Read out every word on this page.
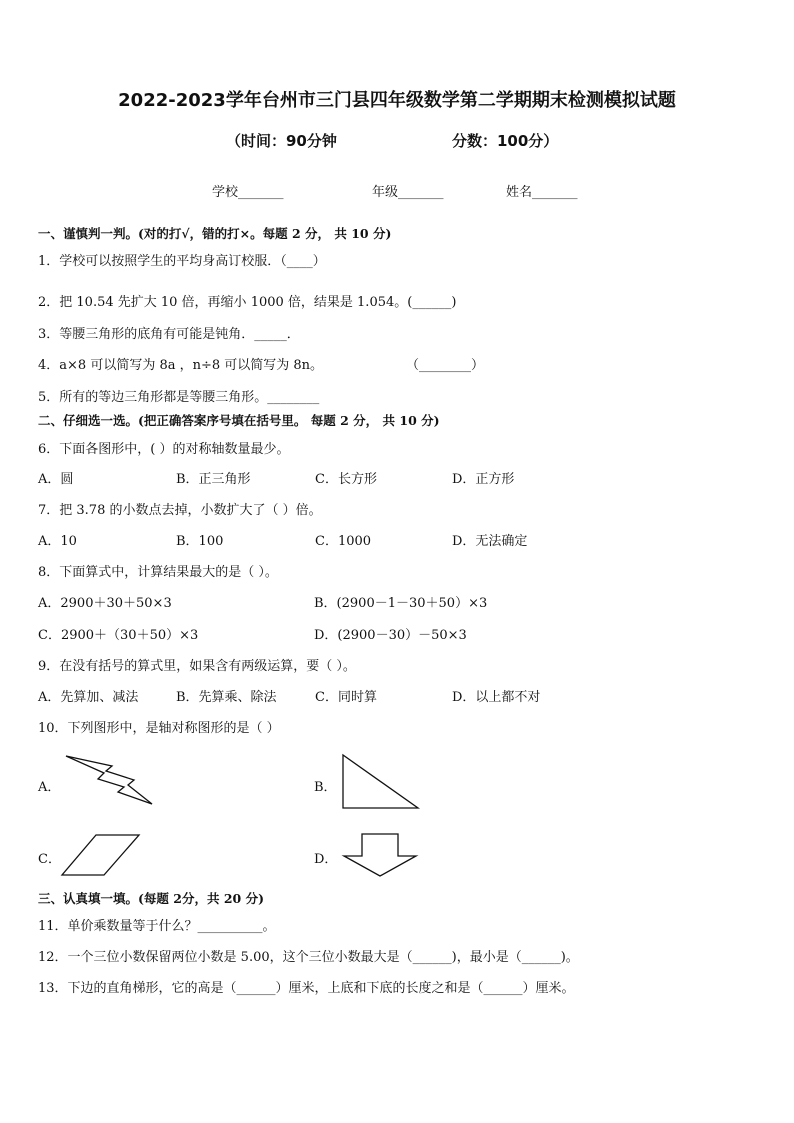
2022-2023学年台州市三门县四年级数学第二学期期末检测模拟试题
（时间：90分钟	分数：100分）
学校_______	年级_______	姓名_______
一、谨慎判一判。(对的打√，错的打×。每题 2 分， 共 10 分)
1．学校可以按照学生的平均身高订校服．（____）
2．把 10.54 先扩大 10 倍，再缩小 1000 倍，结果是 1.054。(______)
3．等腰三角形的底角有可能是钝角．_____．
4．a×8 可以简写为 8a ，n÷8 可以简写为 8n。	（________）
5．所有的等边三角形都是等腰三角形。________
二、仔细选一选。(把正确答案序号填在括号里。 每题 2 分， 共 10 分)
6．下面各图形中，( ）的对称轴数量最少。
A．圆	B．正三角形	C．长方形	D．正方形
7．把 3.78 的小数点去掉，小数扩大了（ ）倍。
A．10	B．100	C．1000	D．无法确定
8．下面算式中，计算结果最大的是（ ）。
A．2900＋30＋50×3	B．(2900－1－30＋50）×3
C．2900＋（30＋50）×3	D．(2900－30）－50×3
9．在没有括号的算式里，如果含有两级运算，要（ ）。
A．先算加、减法	B．先算乘、除法	C．同时算	D．以上都不对
10．下列图形中，是轴对称图形的是（ ）
A．	B．
C．	D．
三、认真填一填。(每题 2分，共 20 分)
11．单价乘数量等于什么？__________。
12．一个三位小数保留两位小数是 5.00，这个三位小数最大是（______)，最小是（______)。
13．下边的直角梯形，它的高是（______）厘米，上底和下底的长度之和是（______）厘米。
